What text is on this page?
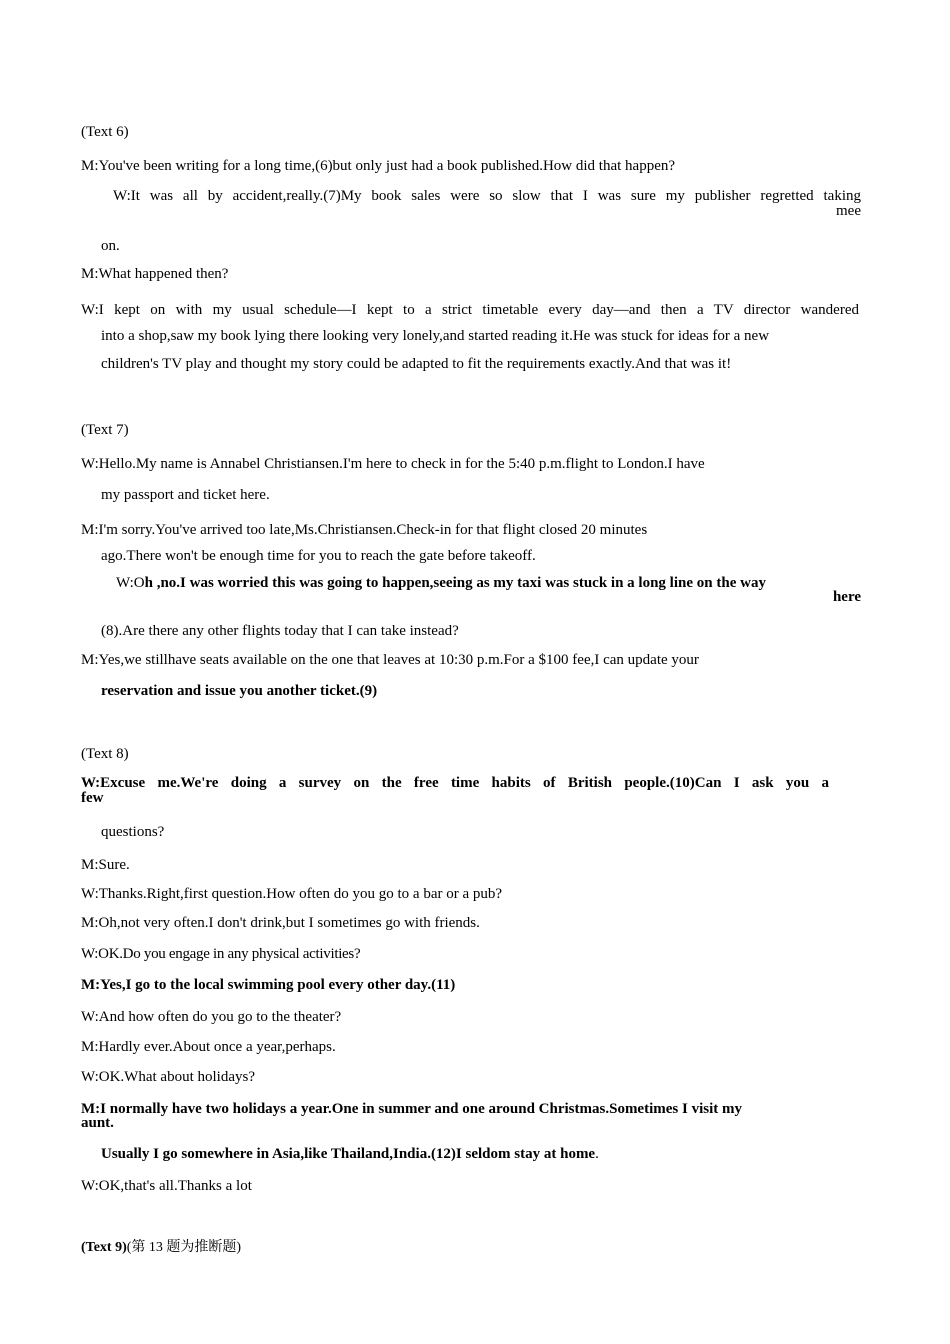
(Text 6)
M:You've been writing for a long time,(6)but only just had a book published.How did that happen?
W:It was all by accident,really.(7)My book sales were so slow that I was sure my publisher regretted taking
mee
on.
M:What happened then?
W:I kept on with my usual schedule—I kept to a strict timetable every day—and then a TV director wandered
into a shop,saw my book lying there looking very lonely,and started reading it.He was stuck for ideas for a new
children's TV play and thought my story could be adapted to fit the requirements exactly.And that was it!
(Text 7)
W:Hello.My name is Annabel Christiansen.I'm here to check in for the 5:40 p.m.flight to London.I have
my passport and ticket here.
M:I'm sorry.You've arrived too late,Ms.Christiansen.Check-in for that flight closed 20 minutes
ago.There won't be enough time for you to reach the gate before takeoff.
W:Oh ,no.I was worried this was going to happen,seeing as my taxi was stuck in a long line on the way
here
(8).Are there any other flights today that I can take instead?
M:Yes,we stillhave seats available on the one that leaves at 10:30 p.m.For a $100 fee,I can update your
reservation and issue you another ticket.(9)
(Text 8)
W:Excuse me.We're doing a survey on the free time habits of British people.(10)Can I ask you a
few
questions?
M:Sure.
W:Thanks.Right,first question.How often do you go to a bar or a pub?
M:Oh,not very often.I don't drink,but I sometimes go with friends.
W:OK.Do you engage in any physical activities?
M:Yes,I go to the local swimming pool every other day.(11)
W:And how often do you go to the theater?
M:Hardly ever.About once a year,perhaps.
W:OK.What about holidays?
M:I normally have two holidays a year.One in summer and one around Christmas.Sometimes I visit my
aunt.
Usually I go somewhere in Asia,like Thailand,India.(12)I seldom stay at home.
W:OK,that's all.Thanks a lot
(Text 9)(第 13 题为推断题)
